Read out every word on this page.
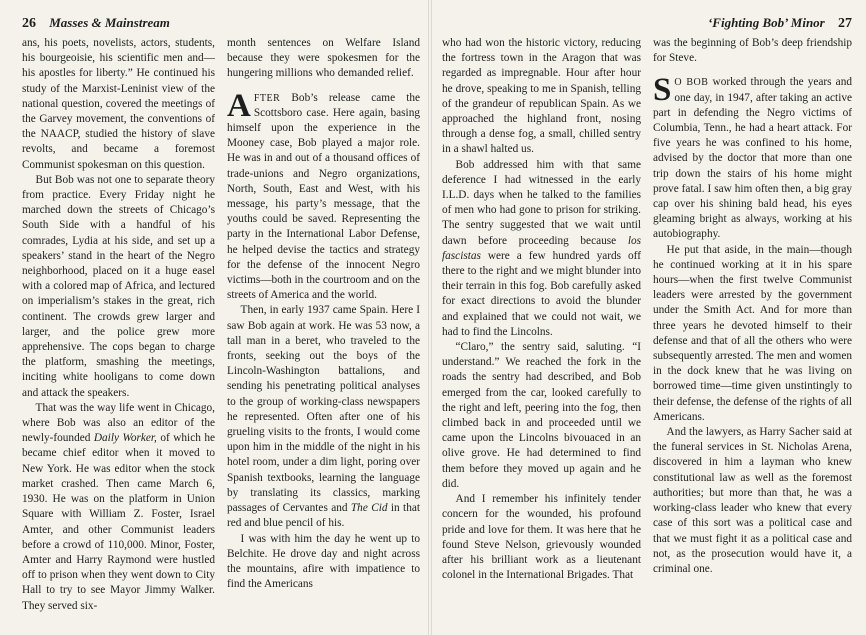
26 Masses & Mainstream

ans, his poets, novelists, actors, students, his bourgeoisie, his scientific men and—his apostles for liberty.” He continued his study of the Marxist-Leninist view of the national question, covered the meetings of the Garvey movement, the conventions of the NAACP, studied the history of slave revolts, and became a foremost Communist spokesman on this question.

But Bob was not one to separate theory from practice. Every Friday night he marched down the streets of Chicago’s South Side with a handful of his comrades, Lydia at his side, and set up a speakers’ stand in the heart of the Negro neighborhood, placed on it a huge easel with a colored map of Africa, and lectured on imperialism’s stakes in the great, rich continent. The crowds grew larger and larger, and the police grew more apprehensive. The cops began to charge the platform, smashing the meetings, inciting white hooligans to come down and attack the speakers.

That was the way life went in Chicago, where Bob was also an editor of the newly-founded Daily Worker, of which he became chief editor when it moved to New York. He was editor when the stock market crashed. Then came March 6, 1930. He was on the platform in Union Square with William Z. Foster, Israel Amter, and other Communist leaders before a crowd of 110,000. Minor, Foster, Amter and Harry Raymond were hustled off to prison when they went down to City Hall to try to see Mayor Jimmy Walker. They served six-

month sentences on Welfare Island because they were spokesmen for the hungering millions who demanded relief.

AFTER Bob’s release came the Scottsboro case. Here again, basing himself upon the experience in the Mooney case, Bob played a major role. He was in and out of a thousand offices of trade-unions and Negro organizations, North, South, East and West, with his message, his party’s message, that the youths could be saved. Representing the party in the International Labor Defense, he helped devise the tactics and strategy for the defense of the innocent Negro victims—both in the courtroom and on the streets of America and the world.

Then, in early 1937 came Spain. Here I saw Bob again at work. He was 53 now, a tall man in a beret, who traveled to the fronts, seeking out the boys of the Lincoln-Washington battalions, and sending his penetrating political analyses to the group of working-class newspapers he represented. Often after one of his grueling visits to the fronts, I would come upon him in the middle of the night in his hotel room, under a dim light, poring over Spanish textbooks, learning the language by translating its classics, marking passages of Cervantes and The Cid in that red and blue pencil of his.

I was with him the day he went up to Belchite. He drove day and night across the mountains, afire with impatience to find the Americans

‘Fighting Bob’ Minor 27

who had won the historic victory, reducing the fortress town in the Aragon that was regarded as impregnable. Hour after hour he drove, speaking to me in Spanish, telling of the grandeur of republican Spain. As we approached the highland front, nosing through a dense fog, a small, chilled sentry in a shawl halted us.

Bob addressed him with that same deference I had witnessed in the early I.L.D. days when he talked to the families of men who had gone to prison for striking. The sentry suggested that we wait until dawn before proceeding because los fascistas were a few hundred yards off there to the right and we might blunder into their terrain in this fog. Bob carefully asked for exact directions to avoid the blunder and explained that we could not wait, we had to find the Lincolns.

“Claro,” the sentry said, saluting. “I understand.” We reached the fork in the roads the sentry had described, and Bob emerged from the car, looked carefully to the right and left, peering into the fog, then climbed back in and proceeded until we came upon the Lincolns bivouaced in an olive grove. He had determined to find them before they moved up again and he did.

And I remember his infinitely tender concern for the wounded, his profound pride and love for them. It was here that he found Steve Nelson, grievously wounded after his brilliant work as a lieutenant colonel in the International Brigades. That

was the beginning of Bob’s deep friendship for Steve.

SO BOB worked through the years and one day, in 1947, after taking an active part in defending the Negro victims of Columbia, Tenn., he had a heart attack. For five years he was confined to his home, advised by the doctor that more than one trip down the stairs of his home might prove fatal. I saw him often then, a big gray cap over his shining bald head, his eyes gleaming bright as always, working at his autobiography.

He put that aside, in the main—though he continued working at it in his spare hours—when the first twelve Communist leaders were arrested by the government under the Smith Act. And for more than three years he devoted himself to their defense and that of all the others who were subsequently arrested. The men and women in the dock knew that he was living on borrowed time—time given unstintingly to their defense, the defense of the rights of all Americans.

And the lawyers, as Harry Sacher said at the funeral services in St. Nicholas Arena, discovered in him a layman who knew constitutional law as well as the foremost authorities; but more than that, he was a working-class leader who knew that every case of this sort was a political case and that we must fight it as a political case and not, as the prosecution would have it, a criminal one.
